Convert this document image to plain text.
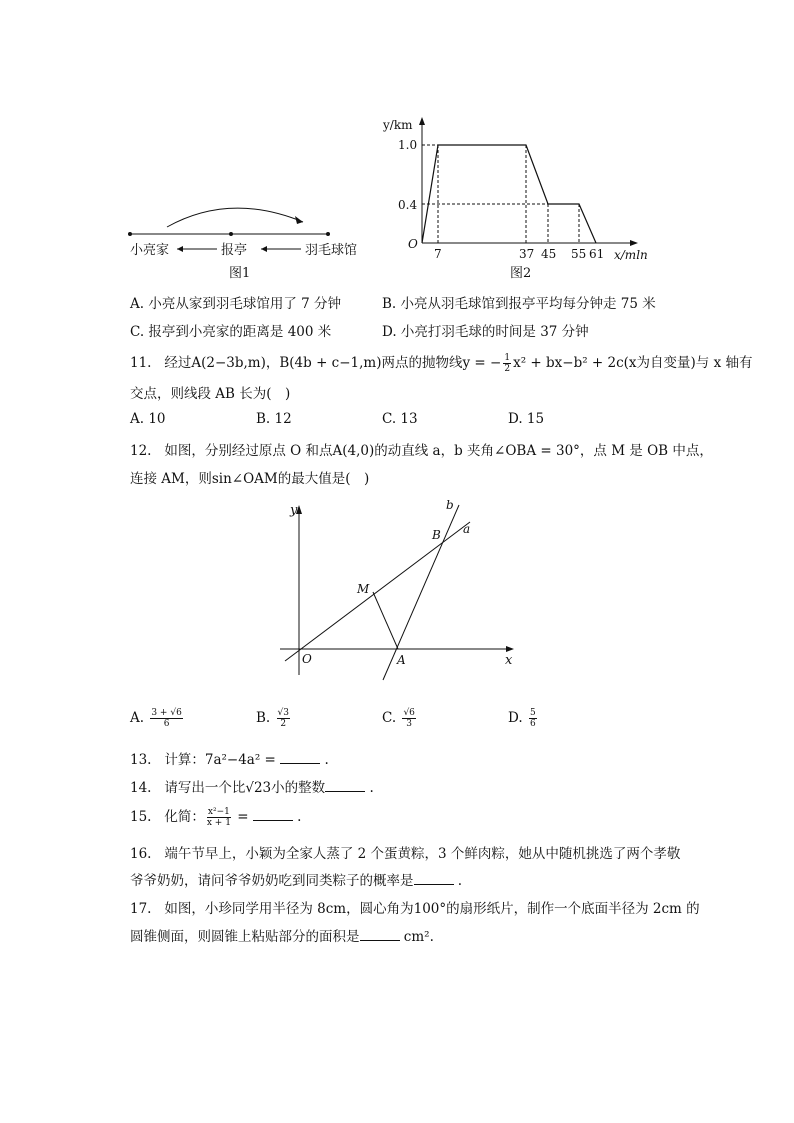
小亮家	报亭	羽毛球馆
图1
y/km
x/mln
O
1.0
0.4
7	37 45 55 61
图2
A. 小亮从家到羽毛球馆用了 7 分钟	B. 小亮从羽毛球馆到报亭平均每分钟走 75 米
C. 报亭到小亮家的距离是 400 米	D. 小亮打羽毛球的时间是 37 分钟
11. 经过A(2−3b,m)，B(4b + c−1,m)两点的抛物线y = − $\frac{1}{2} x^2 + bx-b^2 + 2c(x$为自变量)与 x 轴有
交点，则线段 AB 长为(　)
A. 10	B. 12	C. 13	D. 15
12. 如图，分别经过原点 O 和点A(4,0)的动直线 a，b 夹角∠OBA = 30°，点 M 是 OB 中点，
连接 AM，则sin∠OAM的最大值是(　)
y
x
O
b
a
B
M
A
A. $\frac{3 + √6}{6}$	B. $\frac{√3}{2}$	C. $\frac{√6}{3}$	D. $\frac{5}{6}$
13. 计算：7a²−4a² =	.
14. 请写出一个比√23小的整数	.
15. 化简： $\frac{\text{x²−1}}{x + 1}$ =	.
16. 端午节早上，小颖为全家人蒸了 2 个蛋黄粽，3 个鲜肉粽，她从中随机挑选了两个孝敬
爷爷奶奶，请问爷爷奶奶吃到同类粽子的概率是	.
17. 如图，小珍同学用半径为 8cm，圆心角为100°的扇形纸片，制作一个底面半径为 2cm 的
圆锥侧面，则圆锥上粘贴部分的面积是	cm².
